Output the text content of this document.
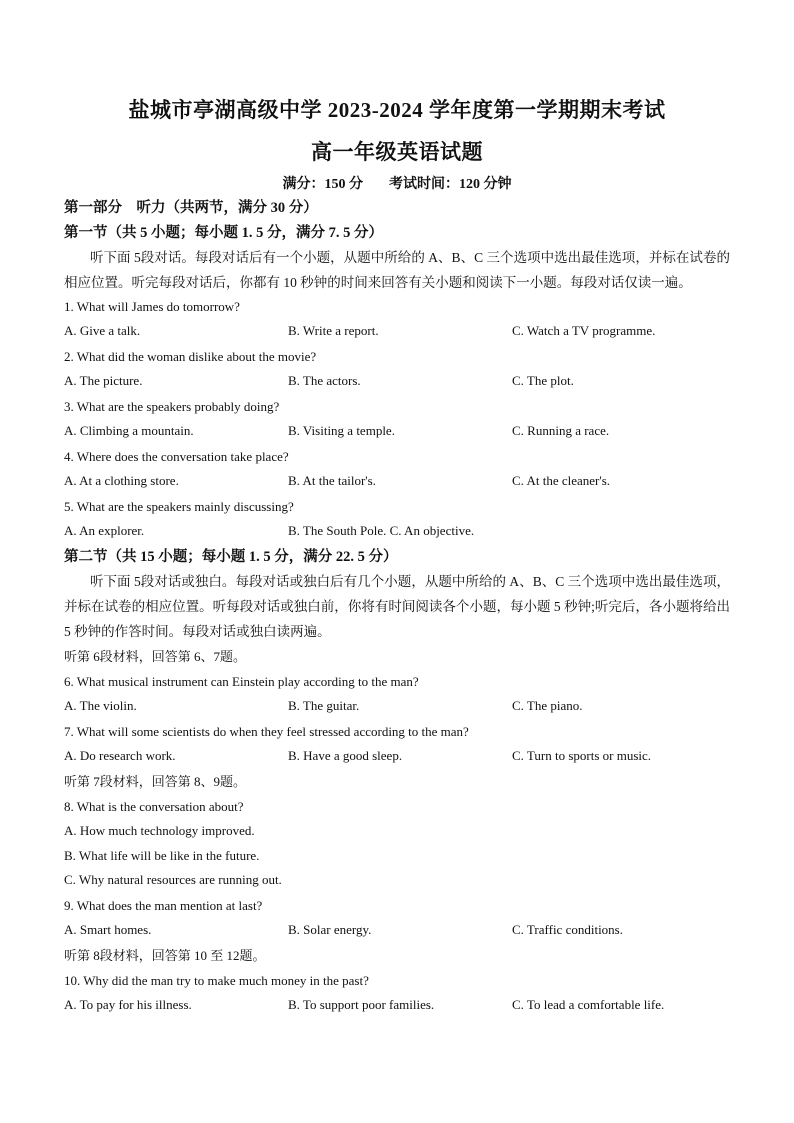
盐城市亭湖高级中学 2023-2024 学年度第一学期期末考试
高一年级英语试题
满分：150 分 考试时间：120 分钟
第一部分　听力（共两节，满分 30 分）
第一节（共 5 小题；每小题 1. 5 分，满分 7. 5 分）
听下面 5段对话。每段对话后有一个小题，从题中所给的 A、B、C 三个选项中选出最佳选项，并标在试卷的相应位置。听完每段对话后，你都有 10 秒钟的时间来回答有关小题和阅读下一小题。每段对话仅读一遍。
1. What will James do tomorrow?
A. Give a talk.	B. Write a report.	C. Watch a TV programme.
2. What did the woman dislike about the movie?
A. The picture.	B. The actors.	C. The plot.
3. What are the speakers probably doing?
A. Climbing a mountain.	B. Visiting a temple.	C. Running a race.
4. Where does the conversation take place?
A. At a clothing store.	B. At the tailor's.	C. At the cleaner's.
5. What are the speakers mainly discussing?
A. An explorer.	B. The South Pole. C. An objective.
第二节（共 15 小题；每小题 1. 5 分，满分 22. 5 分）
听下面 5段对话或独白。每段对话或独白后有几个小题，从题中所给的 A、B、C 三个选项中选出最佳选项，并标在试卷的相应位置。听每段对话或独白前，你将有时间阅读各个小题，每小题 5 秒钟;听完后，各小题将给出 5 秒钟的作答时间。每段对话或独白读两遍。
听第 6段材料，回答第 6、7题。
6. What musical instrument can Einstein play according to the man?
A. The violin.	B. The guitar.	C. The piano.
7. What will some scientists do when they feel stressed according to the man?
A. Do research work.	B. Have a good sleep.	C. Turn to sports or music.
听第 7段材料，回答第 8、9题。
8. What is the conversation about?
A. How much technology improved.
B. What life will be like in the future.
C. Why natural resources are running out.
9. What does the man mention at last?
A. Smart homes.	B. Solar energy.	C. Traffic conditions.
听第 8段材料，回答第 10 至 12题。
10. Why did the man try to make much money in the past?
A. To pay for his illness.	B. To support poor families.	C. To lead a comfortable life.
